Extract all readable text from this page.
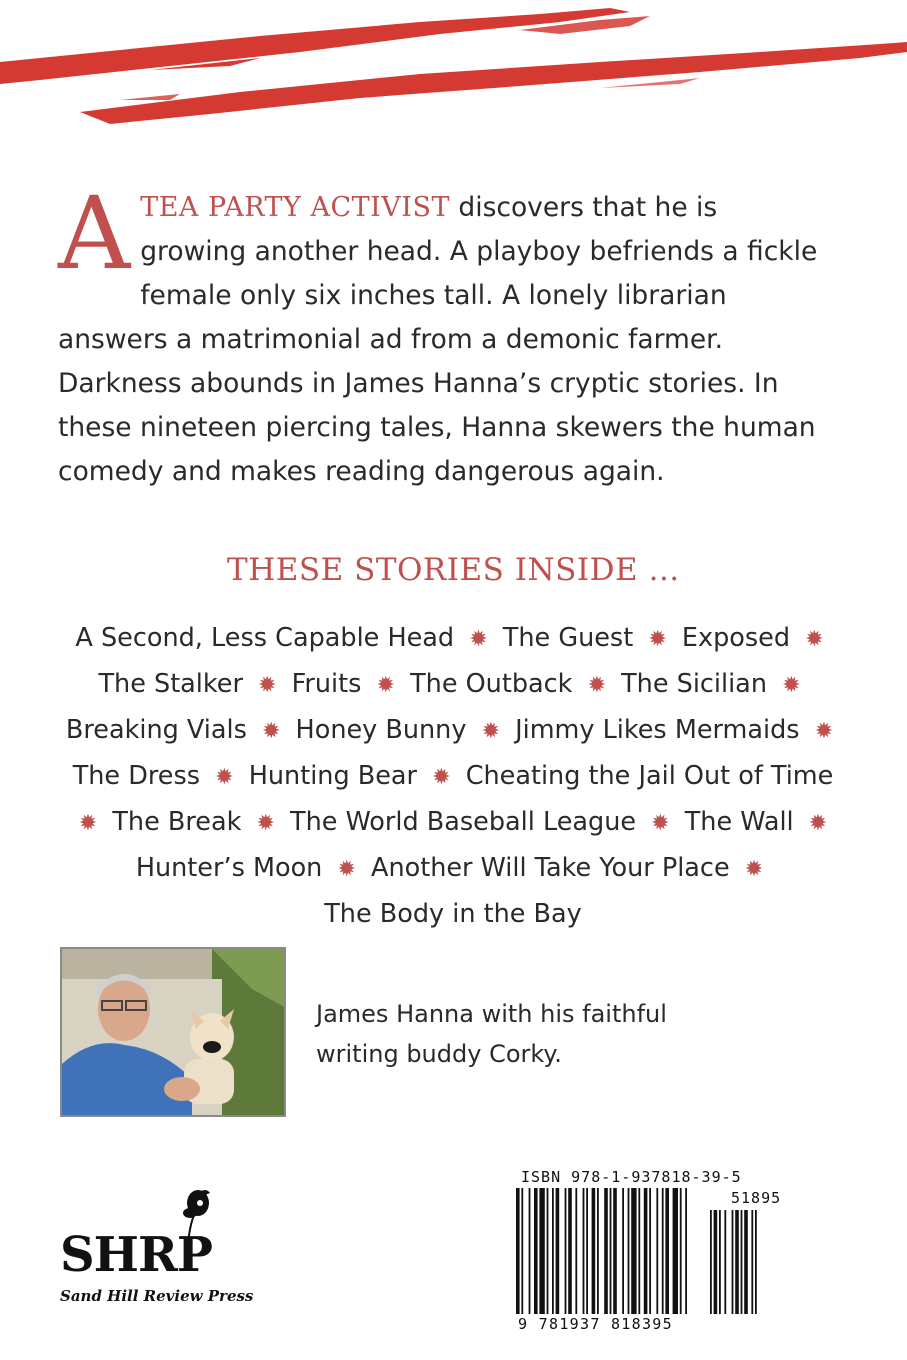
ATEA PARTY ACTIVIST discovers that he is growing another head. A playboy befriends a fickle female only six inches tall. A lonely librarian answers a matrimonial ad from a demonic farmer. Darkness abounds in James Hanna’s cryptic stories. In these nineteen piercing tales, Hanna skewers the human comedy and makes reading dangerous again.
THESE STORIES INSIDE …
A Second, Less Capable Head ✹ The Guest ✹ Exposed ✹ The Stalker ✹ Fruits ✹ The Outback ✹ The Sicilian ✹ Breaking Vials ✹ Honey Bunny ✹ Jimmy Likes Mermaids ✹ The Dress ✹ Hunting Bear ✹ Cheating the Jail Out of Time ✹ The Break ✹ The World Baseball League ✹ The Wall ✹ Hunter’s Moon ✹ Another Will Take Your Place ✹ The Body in the Bay
James Hanna with his faithful writing buddy Corky.
SHRP
Sand Hill Review Press
ISBN 978-1-937818-39-5
51895
9 781937 818395
